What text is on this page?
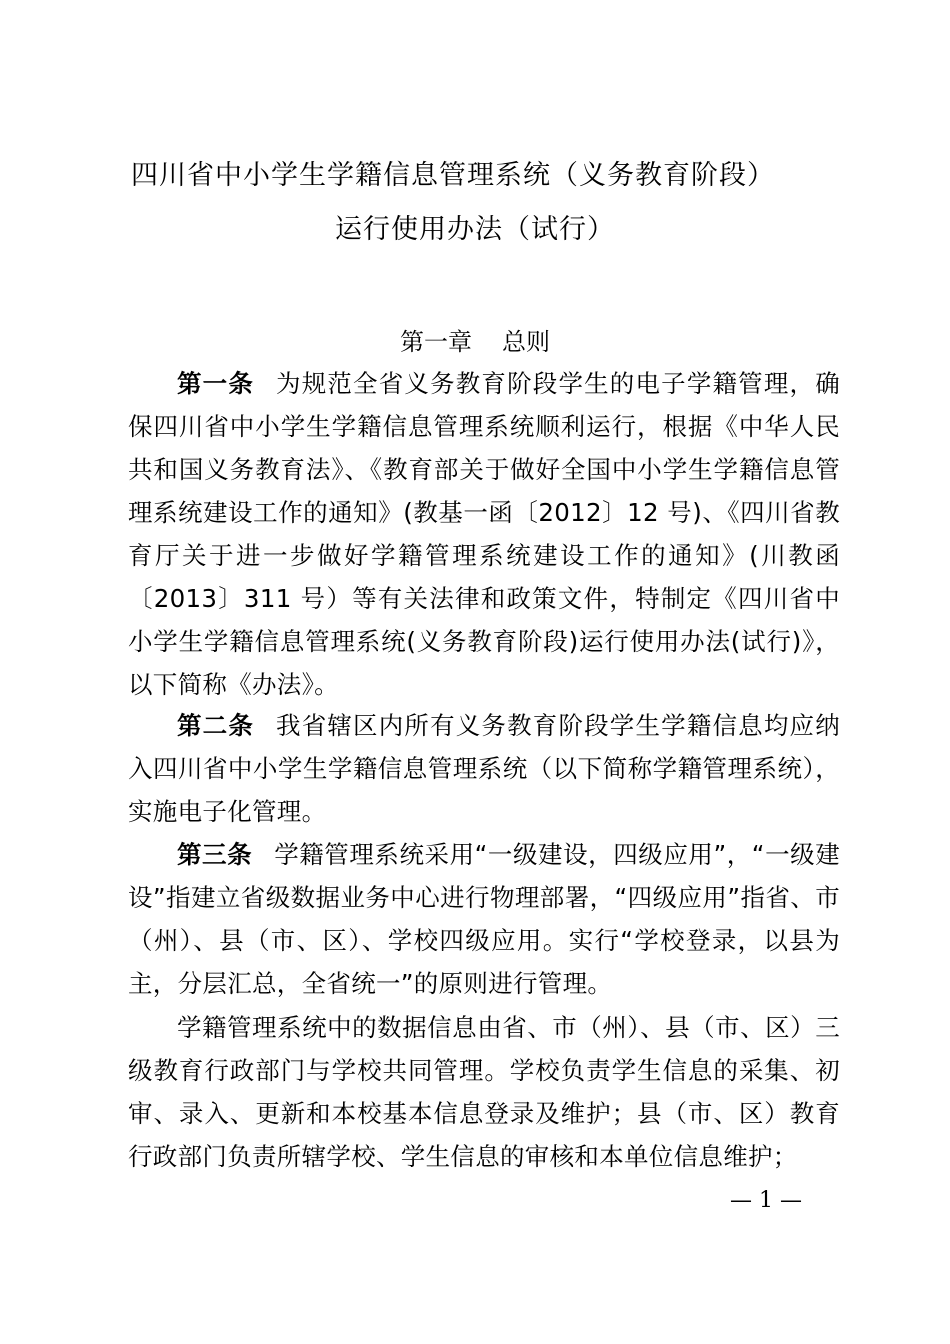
四川省中小学生学籍信息管理系统（义务教育阶段）
运行使用办法（试行）
第一章 总则

第一条 为规范全省义务教育阶段学生的电子学籍管理，确保四川省中小学生学籍信息管理系统顺利运行，根据《中华人民共和国义务教育法》、《教育部关于做好全国中小学生学籍信息管理系统建设工作的通知》(教基一函〔2012〕12 号)、《四川省教育厅关于进一步做好学籍管理系统建设工作的通知》(川教函〔2013〕311 号）等有关法律和政策文件，特制定《四川省中小学生学籍信息管理系统(义务教育阶段)运行使用办法(试行)》，以下简称《办法》。

第二条 我省辖区内所有义务教育阶段学生学籍信息均应纳入四川省中小学生学籍信息管理系统（以下简称学籍管理系统），实施电子化管理。

第三条 学籍管理系统采用“一级建设，四级应用”，“一级建设”指建立省级数据业务中心进行物理部署，“四级应用”指省、市（州）、县（市、区）、学校四级应用。实行“学校登录，以县为主，分层汇总，全省统一”的原则进行管理。

学籍管理系统中的数据信息由省、市（州）、县（市、区）三级教育行政部门与学校共同管理。学校负责学生信息的采集、初审、录入、更新和本校基本信息登录及维护；县（市、区）教育行政部门负责所辖学校、学生信息的审核和本单位信息维护；

— 1 —
